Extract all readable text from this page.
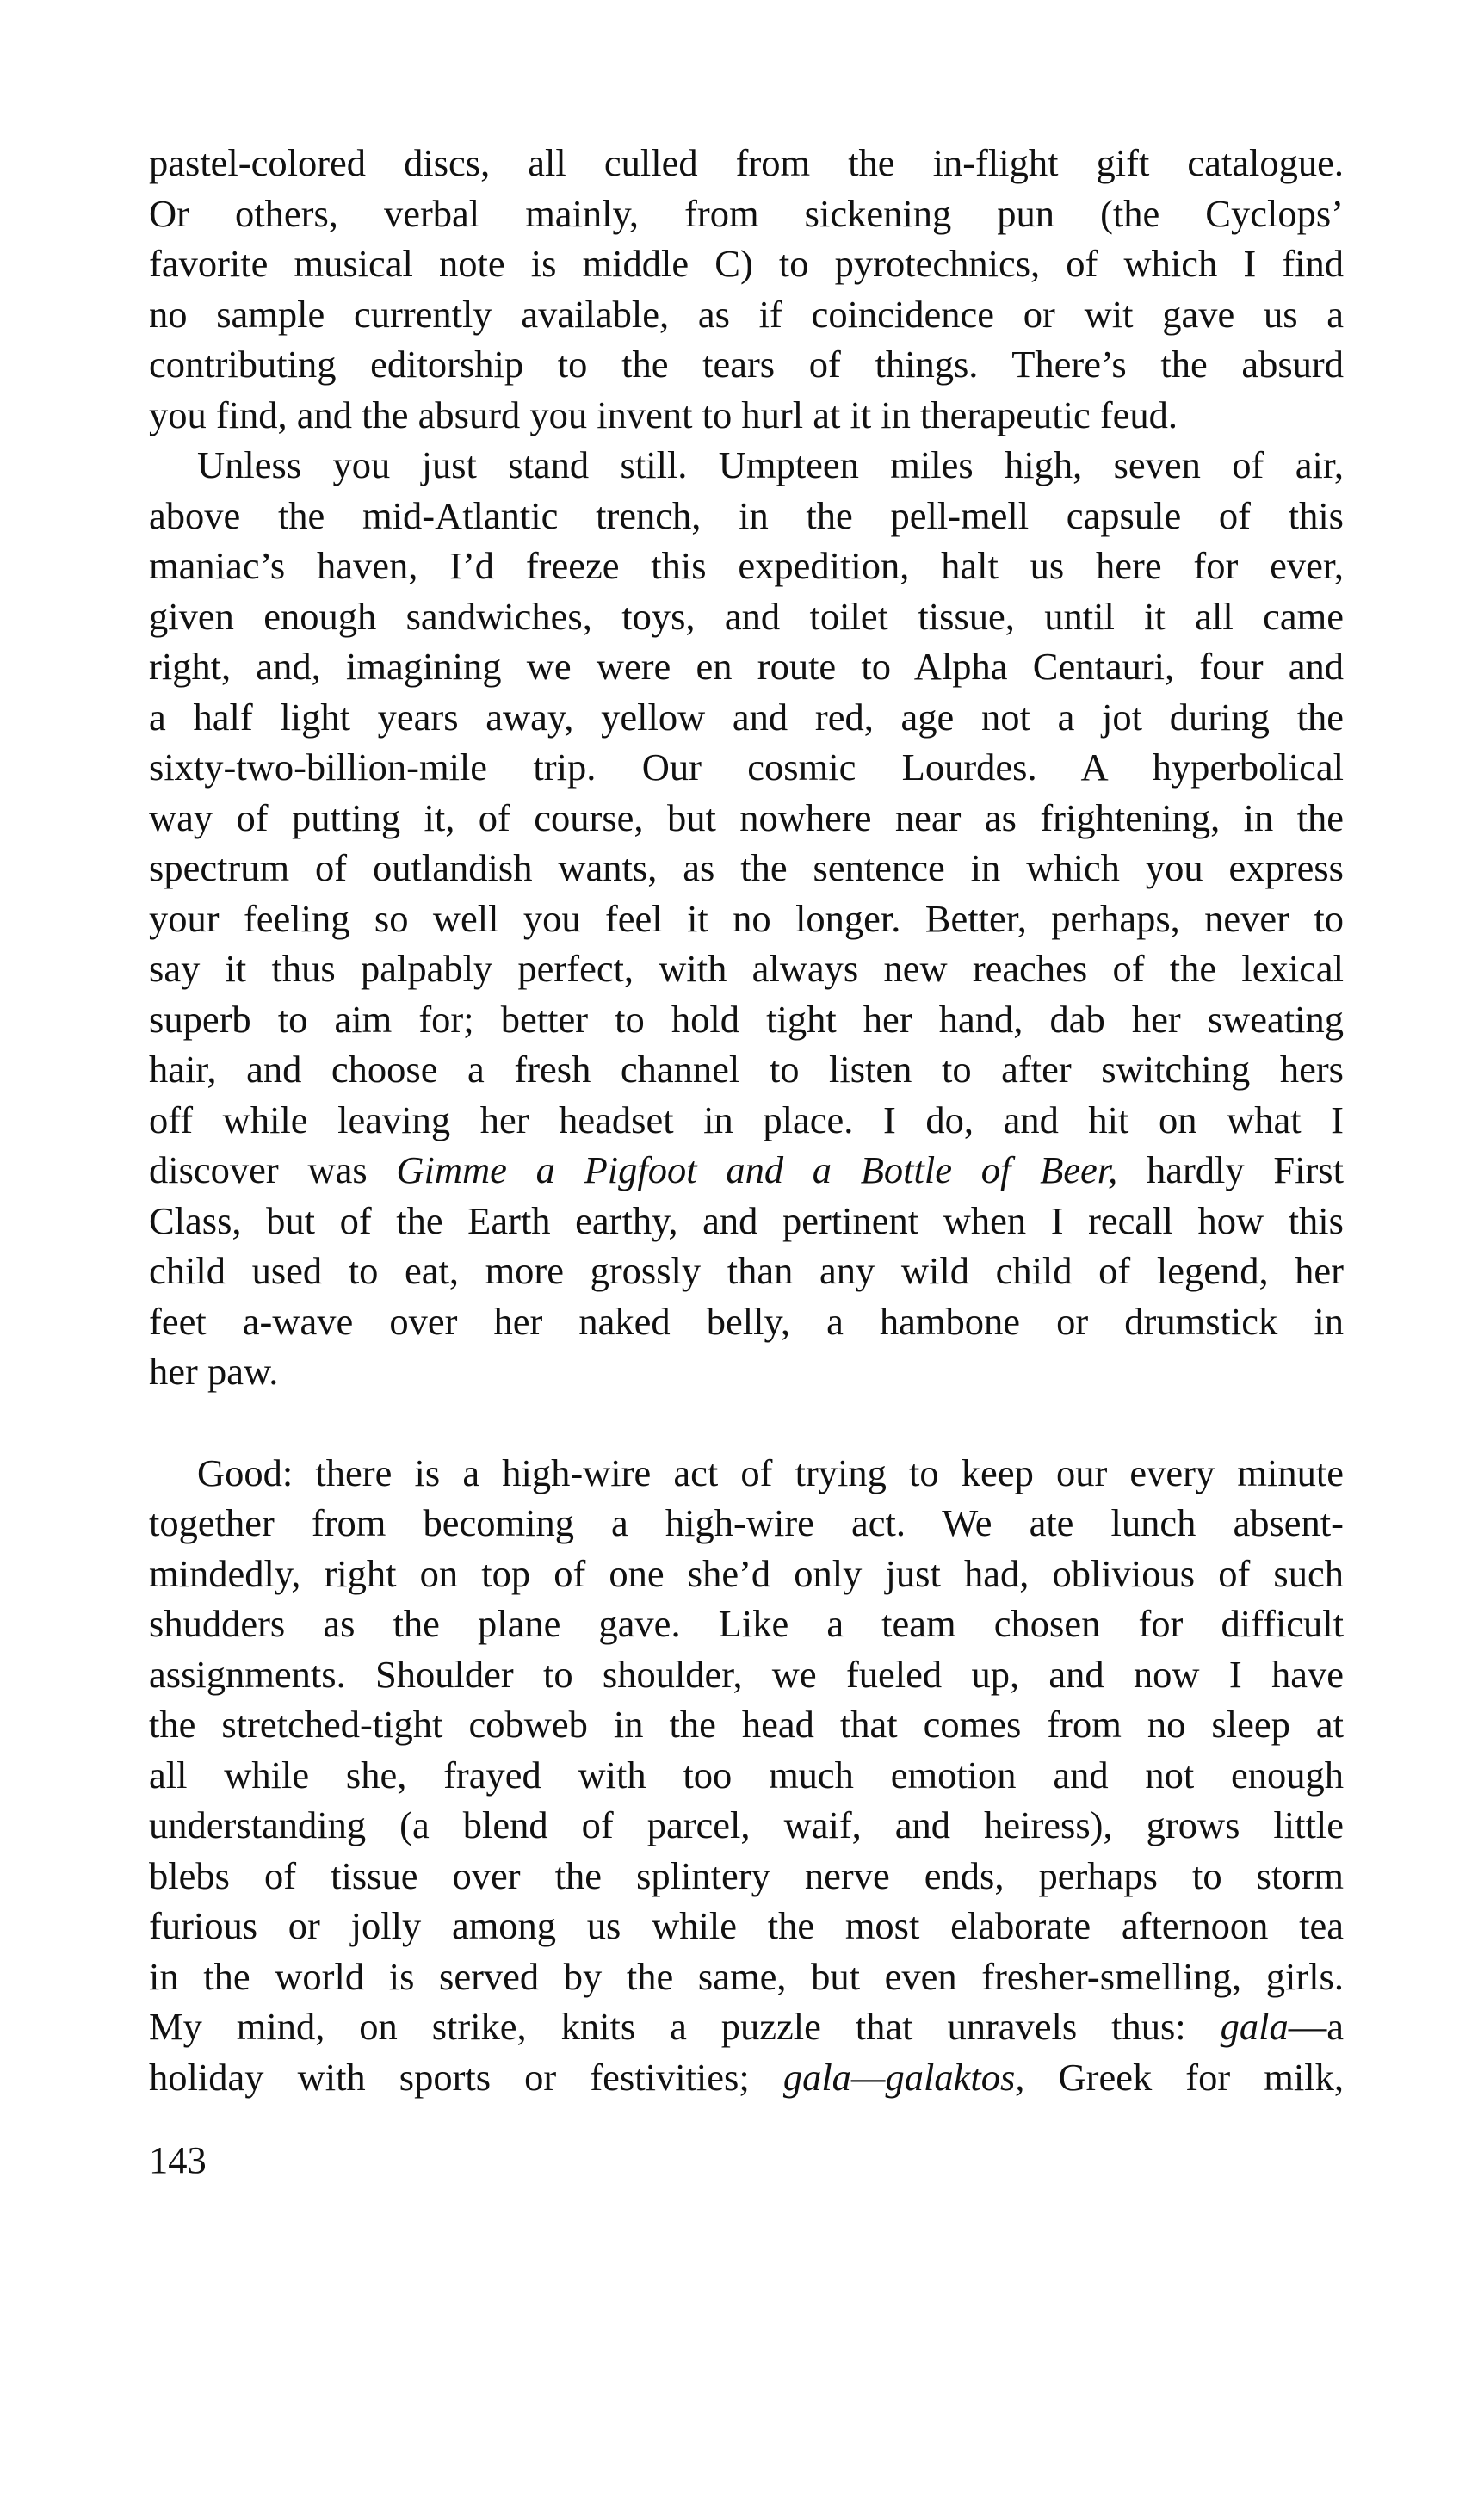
pastel-colored discs, all culled from the in-flight gift catalogue.
Or others, verbal mainly, from sickening pun (the Cyclops’
favorite musical note is middle C) to pyrotechnics, of which I find
no sample currently available, as if coincidence or wit gave us a
contributing editorship to the tears of things. There’s the absurd
you find, and the absurd you invent to hurl at it in therapeutic feud.
Unless you just stand still. Umpteen miles high, seven of air,
above the mid-Atlantic trench, in the pell-mell capsule of this
maniac’s haven, I’d freeze this expedition, halt us here for ever,
given enough sandwiches, toys, and toilet tissue, until it all came
right, and, imagining we were en route to Alpha Centauri, four and
a half light years away, yellow and red, age not a jot during the
sixty-two-billion-mile trip. Our cosmic Lourdes. A hyperbolical
way of putting it, of course, but nowhere near as frightening, in the
spectrum of outlandish wants, as the sentence in which you express
your feeling so well you feel it no longer. Better, perhaps, never to
say it thus palpably perfect, with always new reaches of the lexical
superb to aim for; better to hold tight her hand, dab her sweating
hair, and choose a fresh channel to listen to after switching hers
off while leaving her headset in place. I do, and hit on what I
discover was Gimme a Pigfoot and a Bottle of Beer, hardly First
Class, but of the Earth earthy, and pertinent when I recall how this
child used to eat, more grossly than any wild child of legend, her
feet a-wave over her naked belly, a hambone or drumstick in
her paw.
Good: there is a high-wire act of trying to keep our every minute
together from becoming a high-wire act. We ate lunch absent-
mindedly, right on top of one she’d only just had, oblivious of such
shudders as the plane gave. Like a team chosen for difficult
assignments. Shoulder to shoulder, we fueled up, and now I have
the stretched-tight cobweb in the head that comes from no sleep at
all while she, frayed with too much emotion and not enough
understanding (a blend of parcel, waif, and heiress), grows little
blebs of tissue over the splintery nerve ends, perhaps to storm
furious or jolly among us while the most elaborate afternoon tea
in the world is served by the same, but even fresher-smelling, girls.
My mind, on strike, knits a puzzle that unravels thus: gala—a
holiday with sports or festivities; gala—galaktos, Greek for milk,
143
